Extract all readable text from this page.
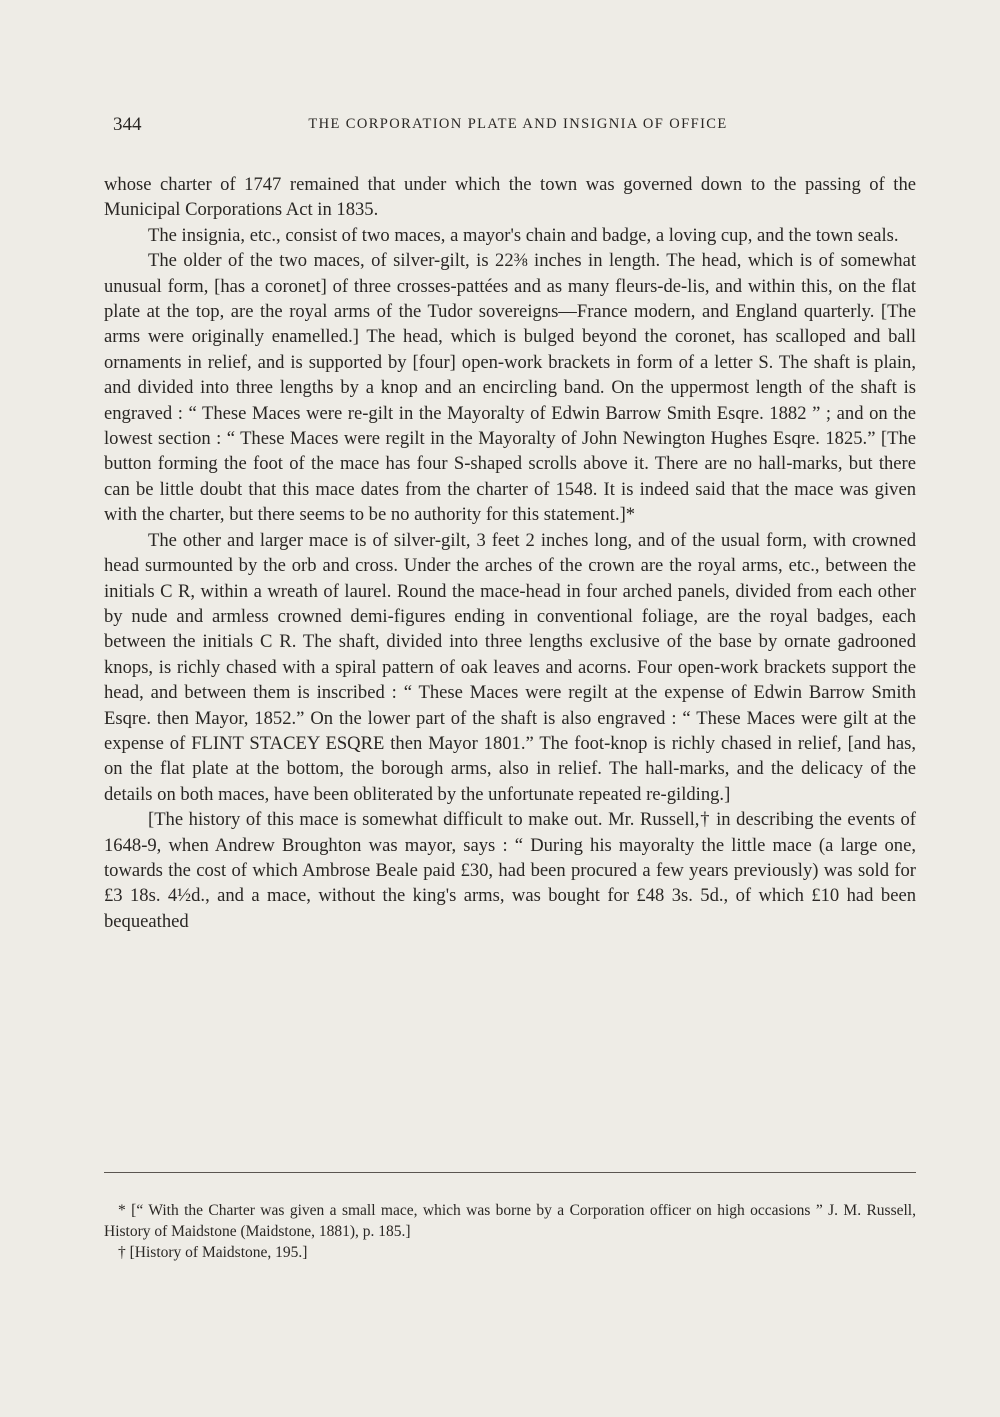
344	THE CORPORATION PLATE AND INSIGNIA OF OFFICE

whose charter of 1747 remained that under which the town was governed down to the passing of the Municipal Corporations Act in 1835.

The insignia, etc., consist of two maces, a mayor's chain and badge, a loving cup, and the town seals.

The older of the two maces, of silver-gilt, is 22⅜ inches in length. The head, which is of somewhat unusual form, [has a coronet] of three crosses-pattées and as many fleurs-de-lis, and within this, on the flat plate at the top, are the royal arms of the Tudor sovereigns—France modern, and England quarterly. [The arms were originally enamelled.] The head, which is bulged beyond the coronet, has scalloped and ball ornaments in relief, and is supported by [four] open-work brackets in form of a letter S. The shaft is plain, and divided into three lengths by a knop and an encircling band. On the uppermost length of the shaft is engraved : “ These Maces were re-gilt in the Mayoralty of Edwin Barrow Smith Esqre. 1882 ” ; and on the lowest section : “ These Maces were regilt in the Mayoralty of John Newington Hughes Esqre. 1825.” [The button forming the foot of the mace has four S-shaped scrolls above it. There are no hall-marks, but there can be little doubt that this mace dates from the charter of 1548. It is indeed said that the mace was given with the charter, but there seems to be no authority for this statement.]*

The other and larger mace is of silver-gilt, 3 feet 2 inches long, and of the usual form, with crowned head surmounted by the orb and cross. Under the arches of the crown are the royal arms, etc., between the initials C R, within a wreath of laurel. Round the mace-head in four arched panels, divided from each other by nude and armless crowned demi-figures ending in conventional foliage, are the royal badges, each between the initials C R. The shaft, divided into three lengths exclusive of the base by ornate gadrooned knops, is richly chased with a spiral pattern of oak leaves and acorns. Four open-work brackets support the head, and between them is inscribed : “ These Maces were regilt at the expense of Edwin Barrow Smith Esqre. then Mayor, 1852.” On the lower part of the shaft is also engraved : “ These Maces were gilt at the expense of FLINT STACEY ESQRE then Mayor 1801.” The foot-knop is richly chased in relief, [and has, on the flat plate at the bottom, the borough arms, also in relief. The hall-marks, and the delicacy of the details on both maces, have been obliterated by the unfortunate repeated re-gilding.]

[The history of this mace is somewhat difficult to make out. Mr. Russell,† in describing the events of 1648-9, when Andrew Broughton was mayor, says : “ During his mayoralty the little mace (a large one, towards the cost of which Ambrose Beale paid £30, had been procured a few years previously) was sold for £3 18s. 4½d., and a mace, without the king's arms, was bought for £48 3s. 5d., of which £10 had been bequeathed

* [“ With the Charter was given a small mace, which was borne by a Corporation officer on high occasions ” J. M. Russell, History of Maidstone (Maidstone, 1881), p. 185.]

† [History of Maidstone, 195.]
